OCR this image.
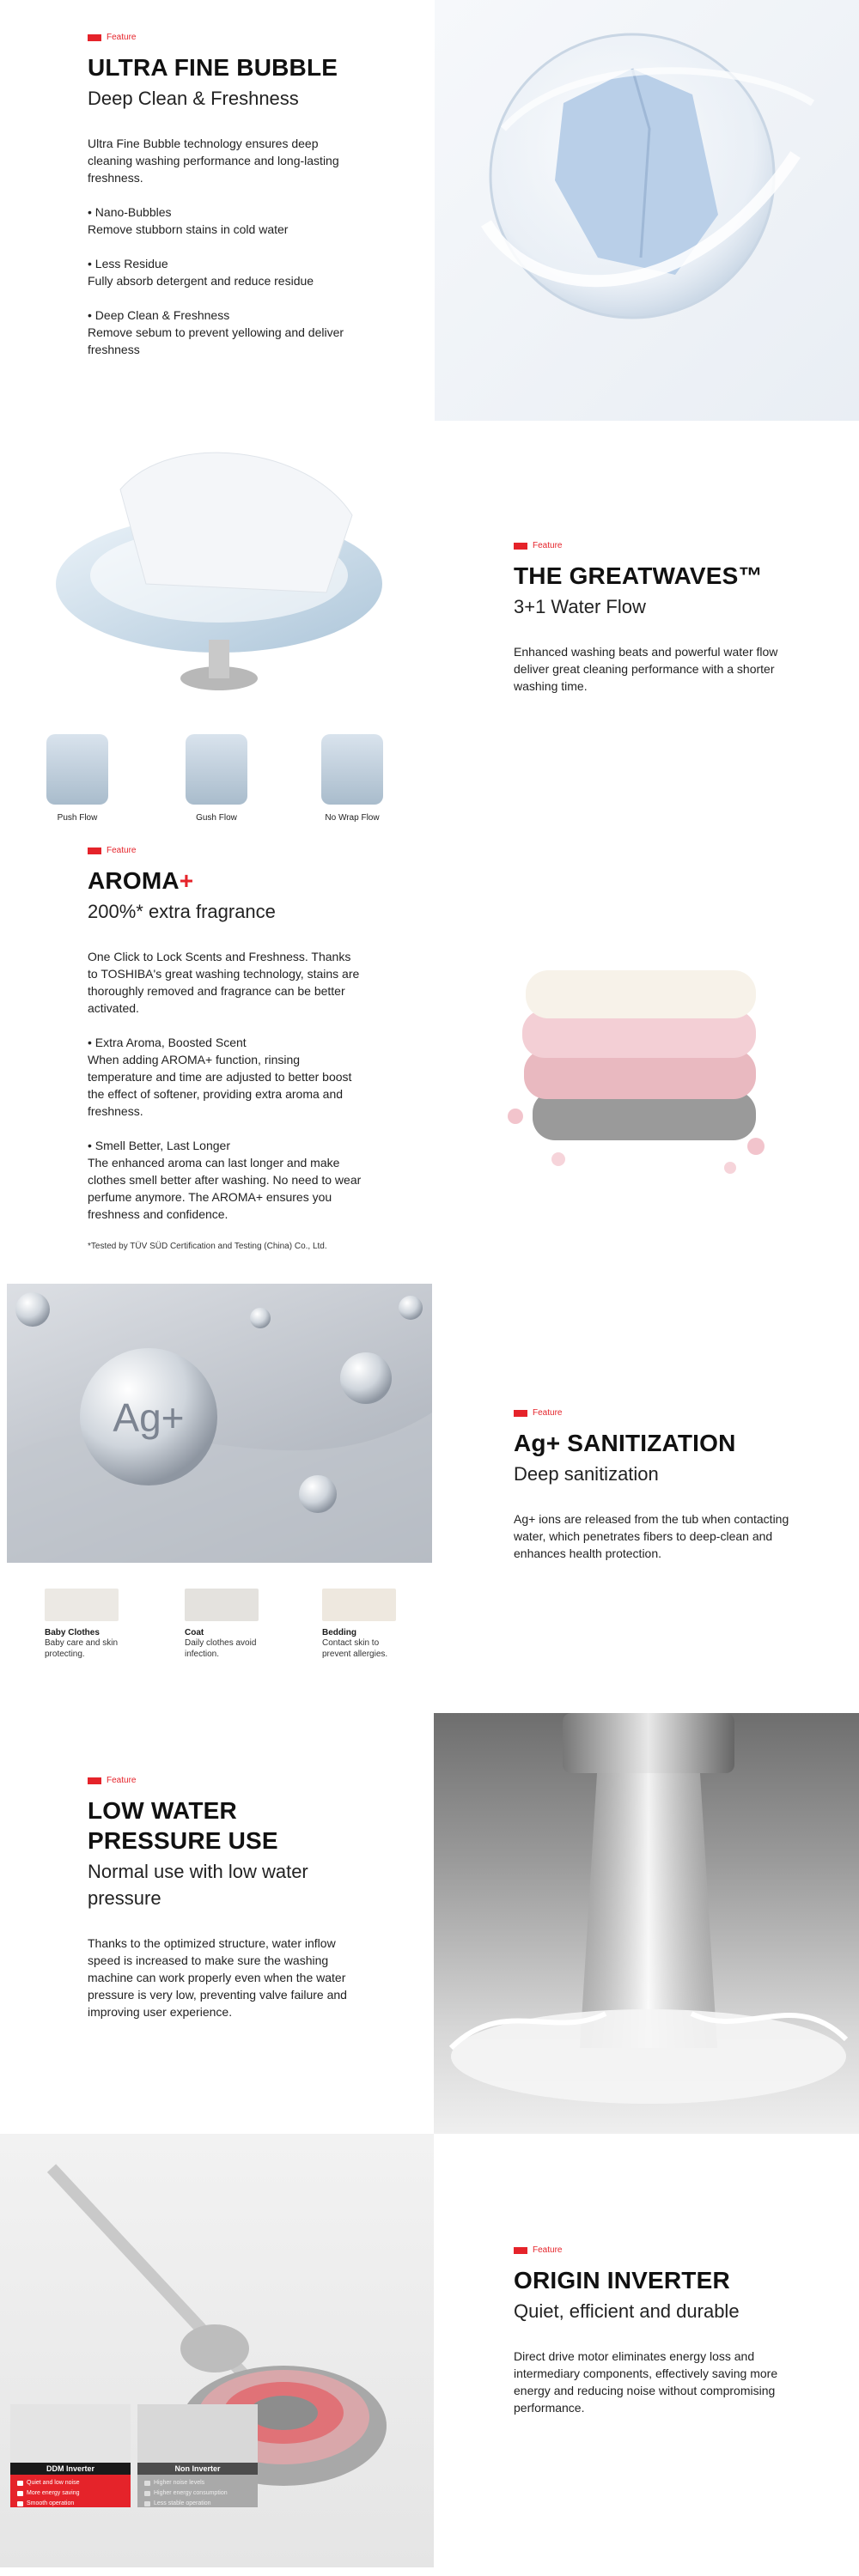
Feature
ULTRA FINE BUBBLE
Deep Clean & Freshness

Ultra Fine Bubble technology ensures deep cleaning washing performance and long-lasting freshness.

• Nano-Bubbles

Remove stubborn stains in cold water

• Less Residue

Fully absorb detergent and reduce residue

• Deep Clean & Freshness

Remove sebum to prevent yellowing and deliver freshness

Feature
THE GREATWAVES™
3+1 Water Flow

Enhanced washing beats and powerful water flow deliver great cleaning performance with a shorter washing time.

Push Flow	Gush Flow	No Wrap Flow
Feature
AROMA+
200%* extra fragrance

One Click to Lock Scents and Freshness. Thanks to TOSHIBA's great washing technology, stains are thoroughly removed and fragrance can be better activated.

• Extra Aroma, Boosted Scent

When adding AROMA+ function, rinsing temperature and time are adjusted to better boost the effect of softener, providing extra aroma and freshness.

• Smell Better, Last Longer

The enhanced aroma can last longer and make clothes smell better after washing. No need to wear perfume anymore. The AROMA+ ensures you freshness and confidence.

*Tested by TÜV SÜD Certification and Testing (China) Co., Ltd.
Ag+	Feature
Ag+ SANITIZATION
Deep sanitization

Ag+ ions are released from the tub when contacting water, which penetrates fibers to deep-clean and enhances health protection.

Baby Clothes
Baby care and skin protecting.
Coat
Daily clothes avoid infection.
Bedding
Contact skin to prevent allergies.
Feature
LOW WATER
PRESSURE USE
Normal use with low water pressure

Thanks to the optimized structure, water inflow speed is increased to make sure the washing machine can work properly even when the water pressure is very low, preventing valve failure and improving user experience.

DDM Inverter
Quiet and low noise
More energy saving
Smooth operation
Non Inverter
Higher noise levels
Higher energy consumption
Less stable operation
Feature
ORIGIN INVERTER
Quiet, efficient and durable

Direct drive motor eliminates energy loss and intermediary components, effectively saving more energy and reducing noise without compromising performance.
